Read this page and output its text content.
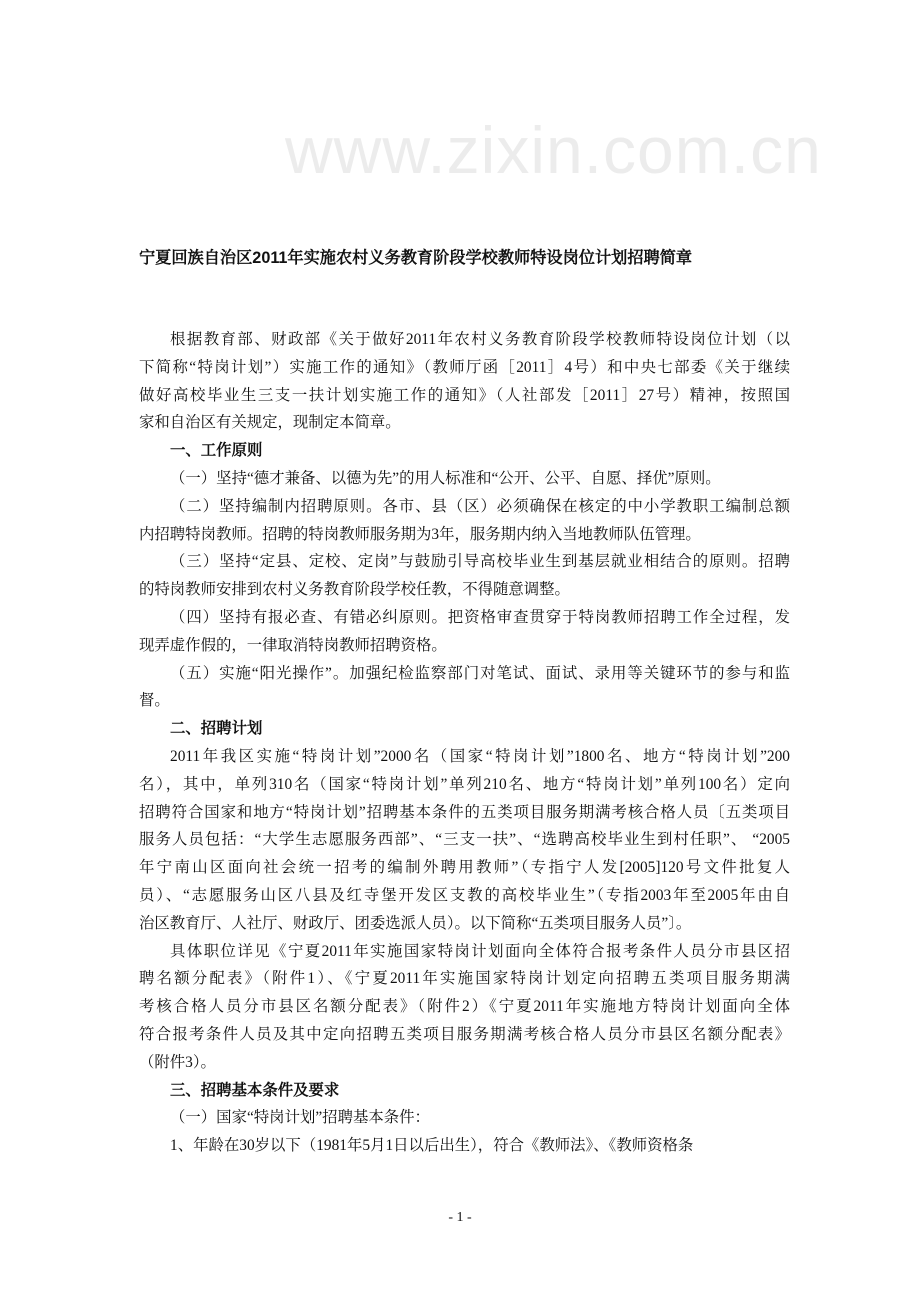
www.zixin.com.cn
宁夏回族自治区2011年实施农村义务教育阶段学校教师特设岗位计划招聘简章
根据教育部、财政部《关于做好2011年农村义务教育阶段学校教师特设岗位计划（以
下简称“特岗计划”）实施工作的通知》（教师厅函［2011］4号）和中央七部委《关于继续
做好高校毕业生三支一扶计划实施工作的通知》（人社部发［2011］27号）精神，按照国
家和自治区有关规定，现制定本简章。
一、工作原则
（一）坚持“德才兼备、以德为先”的用人标准和“公开、公平、自愿、择优”原则。
（二）坚持编制内招聘原则。各市、县（区）必须确保在核定的中小学教职工编制总额
内招聘特岗教师。招聘的特岗教师服务期为3年，服务期内纳入当地教师队伍管理。
（三）坚持“定县、定校、定岗”与鼓励引导高校毕业生到基层就业相结合的原则。招聘
的特岗教师安排到农村义务教育阶段学校任教，不得随意调整。
（四）坚持有报必查、有错必纠原则。把资格审查贯穿于特岗教师招聘工作全过程，发
现弄虚作假的，一律取消特岗教师招聘资格。
（五）实施“阳光操作”。加强纪检监察部门对笔试、面试、录用等关键环节的参与和监
督。
二、招聘计划
2011年我区实施“特岗计划”2000名（国家“特岗计划”1800名、地方“特岗计划”200
名），其中，单列310名（国家“特岗计划”单列210名、地方“特岗计划”单列100名）定向
招聘符合国家和地方“特岗计划”招聘基本条件的五类项目服务期满考核合格人员〔五类项目
服务人员包括：“大学生志愿服务西部”、“三支一扶”、“选聘高校毕业生到村任职”、 “2005
年宁南山区面向社会统一招考的编制外聘用教师”（专指宁人发[2005]120号文件批复人
员）、“志愿服务山区八县及红寺堡开发区支教的高校毕业生”（专指2003年至2005年由自
治区教育厅、人社厅、财政厅、团委选派人员）。以下简称“五类项目服务人员”〕。
具体职位详见《宁夏2011年实施国家特岗计划面向全体符合报考条件人员分市县区招
聘名额分配表》（附件1）、《宁夏2011年实施国家特岗计划定向招聘五类项目服务期满
考核合格人员分市县区名额分配表》（附件2）《宁夏2011年实施地方特岗计划面向全体
符合报考条件人员及其中定向招聘五类项目服务期满考核合格人员分市县区名额分配表》
（附件3）。
三、招聘基本条件及要求
（一）国家“特岗计划”招聘基本条件：
1、年龄在30岁以下（1981年5月1日以后出生），符合《教师法》、《教师资格条
- 1 -
